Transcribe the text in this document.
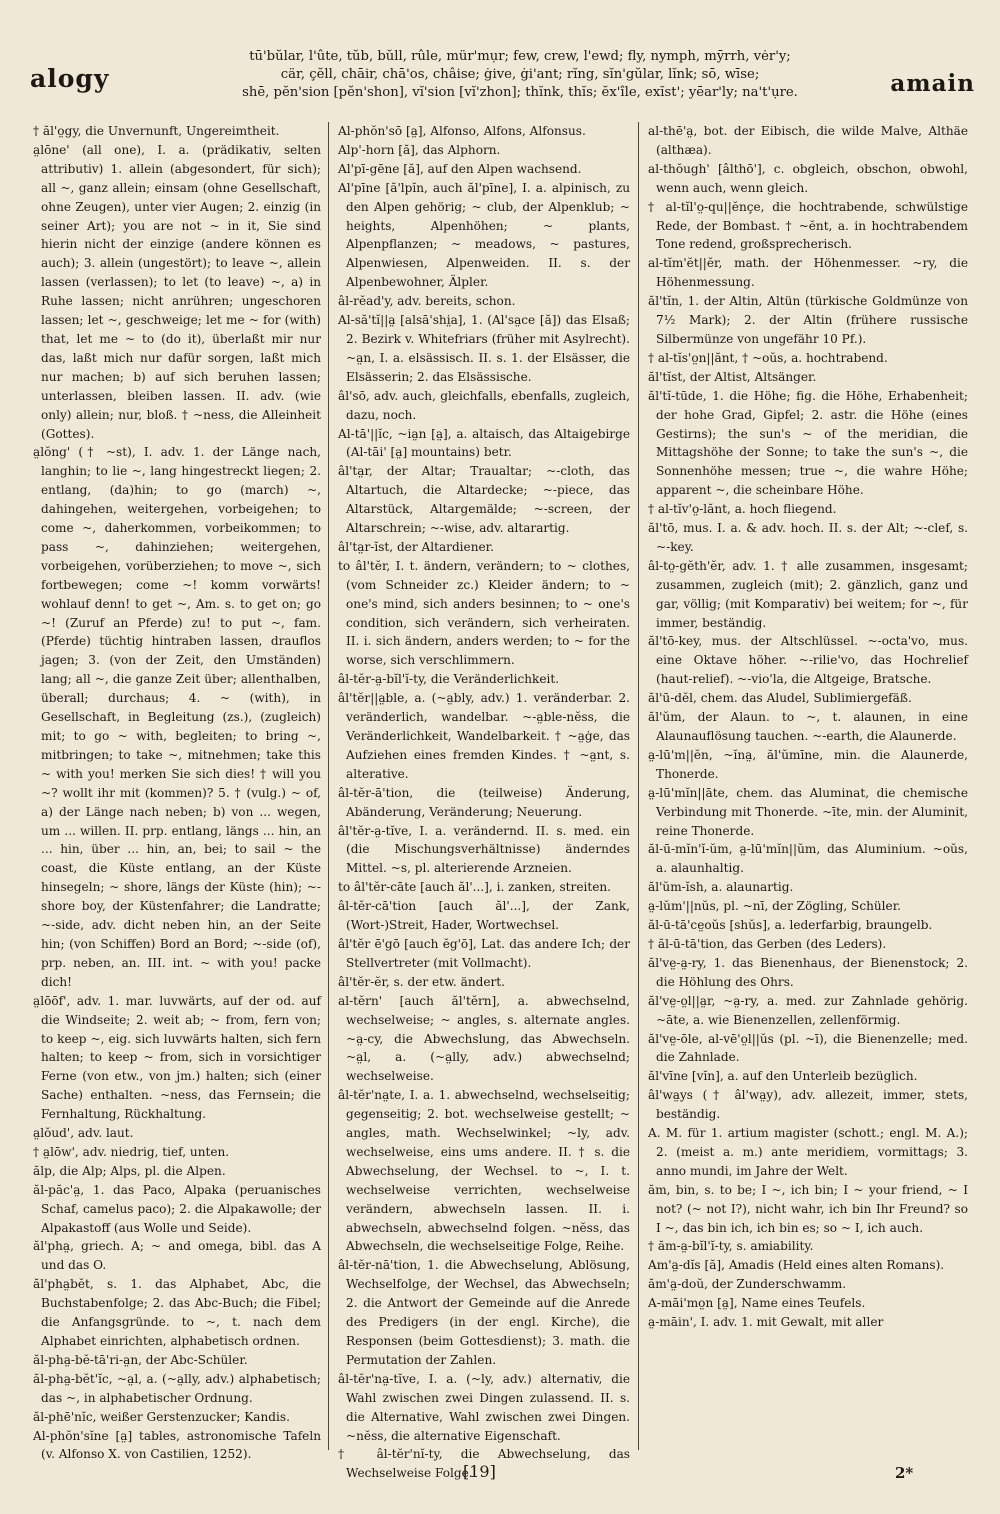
alogy
tū'bŭlar, l'ûte, tŭb, bŭll, rûle, mür'mụr; few, crew, l'ewd; fly, nymph, mȳrrh, vėr'y;
cär, çĕll, chāir, chā'os, châise; ġive, ġi'ant; rĭng, sĭn'gŭlar, lĭnk; sō, wīse;
shē, pĕn'sion [pĕn'shon], vĭ'sion [vĭ'zhon]; thĭnk, thĭs; ĕx'île, exĭst'; yēar'ly; na't'ụre.	amain
† ăl'o̤gy, die Unvernunft, Ungereimtheit.
a̤lōne' (all one), I. a. (prädikativ, selten attributiv) 1. allein (abgesondert, für sich); all ~, ganz allein; einsam (ohne Gesellschaft, ohne Zeugen), unter vier Augen; 2. einzig (in seiner Art); you are not ~ in it, Sie sind hierin nicht der einzige (andere können es auch); 3. allein (ungestört); to leave ~, allein lassen (verlassen); to let (to leave) ~, a) in Ruhe lassen; nicht anrühren; ungeschoren lassen; let ~, geschweige; let me ~ for (with) that, let me ~ to (do it), überlaßt mir nur das, laßt mich nur dafür sorgen, laßt mich nur machen; b) auf sich beruhen lassen; unterlassen, bleiben lassen. II. adv. (wie only) allein; nur, bloß. † ~ness, die Alleinheit (Gottes).
a̤lŏng' († ~st), I. adv. 1. der Länge nach, langhin; to lie ~, lang hingestreckt liegen; 2. entlang, (da)hin; to go (march) ~, dahingehen, weitergehen, vorbeigehen; to come ~, daherkommen, vorbeikommen; to pass ~, dahinziehen; weitergehen, vorbeigehen, vorüberziehen; to move ~, sich fortbewegen; come ~! komm vorwärts! wohlauf denn! to get ~, Am. s. to get on; go ~! (Zuruf an Pferde) zu! to put ~, fam. (Pferde) tüchtig hintraben lassen, drauflos jagen; 3. (von der Zeit, den Umständen) lang; all ~, die ganze Zeit über; allenthalben, überall; durchaus; 4. ~ (with), in Gesellschaft, in Begleitung (zs.), (zugleich) mit; to go ~ with, begleiten; to bring ~, mitbringen; to take ~, mitnehmen; take this ~ with you! merken Sie sich dies! † will you ~? wollt ihr mit (kommen)? 5. † (vulg.) ~ of, a) der Länge nach neben; b) von ... wegen, um ... willen. II. prp. entlang, längs ... hin, an ... hin, über ... hin, an, bei; to sail ~ the coast, die Küste entlang, an der Küste hinsegeln; ~ shore, längs der Küste (hin); ~-shore boy, der Küstenfahrer; die Landratte; ~-side, adv. dicht neben hin, an der Seite hin; (von Schiffen) Bord an Bord; ~-side (of), prp. neben, an. III. int. ~ with you! packe dich!
a̤lōōf', adv. 1. mar. luvwärts, auf der od. auf die Windseite; 2. weit ab; ~ from, fern von; to keep ~, eig. sich luvwärts halten, sich fern halten; to keep ~ from, sich in vorsichtiger Ferne (von etw., von jm.) halten; sich (einer Sache) enthalten. ~ness, das Fernsein; die Fernhaltung, Rückhaltung.
a̤lŏud', adv. laut.
† a̤lōw', adv. niedrig, tief, unten.
ălp, die Alp; Alps, pl. die Alpen.
ăl-păc'a̤, 1. das Paco, Alpaka (peruanisches Schaf, camelus paco); 2. die Alpakawolle; der Alpakastoff (aus Wolle und Seide).
ăl'pha̤, griech. A; ~ and omega, bibl. das A und das O.
ăl'pha̤bĕt, s. 1. das Alphabet, Abc, die Buchstabenfolge; 2. das Abc-Buch; die Fibel; die Anfangsgründe. to ~, t. nach dem Alphabet einrichten, alphabetisch ordnen.
ăl-pha̤-bĕ-tā'ri-a̤n, der Abc-Schüler.
ăl-pha̤-bĕt'ĭc, ~a̤l, a. (~a̤lly, adv.) alphabetisch; das ~, in alphabetischer Ordnung.
ăl-phē'nĭc, weißer Gerstenzucker; Kandis.
Al-phŏn'sĭne [a̤] tables, astronomische Tafeln (v. Alfonso X. von Castilien, 1252).
Al-phŏn'sō [a̤], Alfonso, Alfons, Alfonsus.
Alp'-horn [ă], das Alphorn.
Al'pī-gēne [ă], auf den Alpen wachsend.
Al'pīne [ă'lpĭn, auch ăl'pīne], I. a. alpinisch, zu den Alpen gehörig; ~ club, der Alpenklub; ~ heights, Alpenhöhen; ~ plants, Alpenpflanzen; ~ meadows, ~ pastures, Alpenwiesen, Alpenweiden. II. s. der Alpenbewohner, Älpler.
âl-rĕad'y, adv. bereits, schon.
Al-să'tĭ||a̤ [alsā'shi̤a], 1. (Al'sa̤ce [ă]) das Elsaß; 2. Bezirk v. Whitefriars (früher mit Asylrecht). ~a̤n, I. a. elsässisch. II. s. 1. der Elsässer, die Elsässerin; 2. das Elsässische.
âl'sō, adv. auch, gleichfalls, ebenfalls, zugleich, dazu, noch.
Al-tā'||ĭc, ~ia̤n [a̤], a. altaisch, das Altaigebirge (Al-tāi' [a̤] mountains) betr.
âl'ta̤r, der Altar; Traualtar; ~-cloth, das Altartuch, die Altardecke; ~-piece, das Altarstück, Altargemälde; ~-screen, der Altarschrein; ~-wise, adv. altarartig.
âl'ta̤r-ĭst, der Altardiener.
to âl'tĕr, I. t. ändern, verändern; to ~ clothes, (vom Schneider zc.) Kleider ändern; to ~ one's mind, sich anders besinnen; to ~ one's condition, sich verändern, sich verheiraten. II. i. sich ändern, anders werden; to ~ for the worse, sich verschlimmern.
âl-tĕr-a̤-bĭl'ĭ-ty, die Veränderlichkeit.
âl'tĕr||a̤ble, a. (~a̤bly, adv.) 1. veränderbar. 2. veränderlich, wandelbar. ~-a̤ble-nĕss, die Veränderlichkeit, Wandelbarkeit. † ~a̤ġe, das Aufziehen eines fremden Kindes. † ~a̤nt, s. alterative.
âl-tĕr-ā'tion, die (teilweise) Änderung, Abänderung, Veränderung; Neuerung.
âl'tĕr-a̤-tĭve, I. a. verändernd. II. s. med. ein (die Mischungsverhältnisse) änderndes Mittel. ~s, pl. alterierende Arzneien.
to âl'tĕr-cāte [auch ăl'...], i. zanken, streiten.
âl-tĕr-cā'tion [auch ăl'...], der Zank, (Wort-)Streit, Hader, Wortwechsel.
âl'tĕr ē'gō [auch ĕg'ō], Lat. das andere Ich; der Stellvertreter (mit Vollmacht).
âl'tĕr-ĕr, s. der etw. ändert.
al-tĕrn' [auch ăl'tĕrn], a. abwechselnd, wechselweise; ~ angles, s. alternate angles. ~a̤-cy, die Abwechslung, das Abwechseln. ~a̤l, a. (~a̤lly, adv.) abwechselnd; wechselweise.
âl-tĕr'na̤te, I. a. 1. abwechselnd, wechselseitig; gegenseitig; 2. bot. wechselweise gestellt; ~ angles, math. Wechselwinkel; ~ly, adv. wechselweise, eins ums andere. II. † s. die Abwechselung, der Wechsel. to ~, I. t. wechselweise verrichten, wechselweise verändern, abwechseln lassen. II. i. abwechseln, abwechselnd folgen. ~nĕss, das Abwechseln, die wechselseitige Folge, Reihe.
âl-tĕr-nā'tion, 1. die Abwechselung, Ablösung, Wechselfolge, der Wechsel, das Abwechseln; 2. die Antwort der Gemeinde auf die Anrede des Predigers (in der engl. Kirche), die Responsen (beim Gottesdienst); 3. math. die Permutation der Zahlen.
âl-tĕr'na̤-tĭve, I. a. (~ly, adv.) alternativ, die Wahl zwischen zwei Dingen zulassend. II. s. die Alternative, Wahl zwischen zwei Dingen. ~nĕss, die alternative Eigenschaft.
† âl-tĕr'nĭ-ty, die Abwechselung, das Wechselweise Folge.
al-thē'a̤, bot. der Eibisch, die wilde Malve, Althäe (althæa).
al-thŏugh' [âlthō'], c. obgleich, obschon, obwohl, wenn auch, wenn gleich.
† al-tĭl'o̤-qu||ĕnçe, die hochtrabende, schwülstige Rede, der Bombast. † ~ĕnt, a. in hochtrabendem Tone redend, großsprecherisch.
al-tĭm'ĕt||ĕr, math. der Höhenmesser. ~ry, die Höhenmessung.
ăl'tĭn, 1. der Altin, Altün (türkische Goldmünze von 7½ Mark); 2. der Altin (frühere russische Silbermünze von ungefähr 10 Pf.).
† al-tĭs'o̤n||ănt, † ~oŭs, a. hochtrabend.
ăl'tĭst, der Altist, Altsänger.
ăl'tĭ-tūde, 1. die Höhe; fig. die Höhe, Erhabenheit; der hohe Grad, Gipfel; 2. astr. die Höhe (eines Gestirns); the sun's ~ of the meridian, die Mittagshöhe der Sonne; to take the sun's ~, die Sonnenhöhe messen; true ~, die wahre Höhe; apparent ~, die scheinbare Höhe.
† al-tĭv'o̤-lănt, a. hoch fliegend.
ăl'tō, mus. I. a. & adv. hoch. II. s. der Alt; ~-clef, s. ~-key.
âl-to̤-gĕth'ĕr, adv. 1. † alle zusammen, insgesamt; zusammen, zugleich (mit); 2. gänzlich, ganz und gar, völlig; (mit Komparativ) bei weitem; for ~, für immer, beständig.
ăl'tō-key, mus. der Altschlüssel. ~-octa'vo, mus. eine Oktave höher. ~-rilie'vo, das Hochrelief (haut-relief). ~-vio'la, die Altgeige, Bratsche.
ăl'ū-dĕl, chem. das Aludel, Sublimiergefäß.
ăl'ŭm, der Alaun. to ~, t. alaunen, in eine Alaunauflösung tauchen. ~-earth, die Alaunerde.
a̤-lū'm||ĕn, ~ĭna̤, ăl'ŭmīne, min. die Alaunerde, Thonerde.
a̤-lū'mĭn||āte, chem. das Aluminat, die chemische Verbindung mit Thonerde. ~īte, min. der Aluminit, reine Thonerde.
ăl-ū-mĭn'ĭ-ŭm, a̤-lū'mĭn||ŭm, das Aluminium. ~oŭs, a. alaunhaltig.
ăl'ŭm-ĭsh, a. alaunartig.
a̤-lŭm'||nŭs, pl. ~nī, der Zögling, Schüler.
ăl-ū-tā'ce̤oŭs [shŭs], a. lederfarbig, braungelb.
† ăl-ū-tā'tion, das Gerben (des Leders).
ăl've̤-a̤-ry, 1. das Bienenhaus, der Bienenstock; 2. die Höhlung des Ohrs.
ăl've̤-o̤l||a̤r, ~a̤-ry, a. med. zur Zahnlade gehörig. ~āte, a. wie Bienenzellen, zellenförmig.
ăl've̤-ōle, al-vē'o̤l||ŭs (pl. ~ī), die Bienenzelle; med. die Zahnlade.
ăl'vīne [vĭn], a. auf den Unterleib bezüglich.
âl'wa̤ys († âl'wa̤y), adv. allezeit, immer, stets, beständig.
A. M. für 1. artium magister (schott.; engl. M. A.); 2. (meist a. m.) ante meridiem, vormittags; 3. anno mundi, im Jahre der Welt.
ăm, bin, s. to be; I ~, ich bin; I ~ your friend, ~ I not? (~ not I?), nicht wahr, ich bin Ihr Freund? so I ~, das bin ich, ich bin es; so ~ I, ich auch.
† ăm-a̤-bĭl'ĭ-ty, s. amiability.
Am'a̤-dĭs [ă], Amadis (Held eines alten Romans).
ăm'a̤-doŭ, der Zunderschwamm.
A-māi'mo̤n [a̤], Name eines Teufels.
a̤-māin', I. adv. 1. mit Gewalt, mit aller
[19]	2*
